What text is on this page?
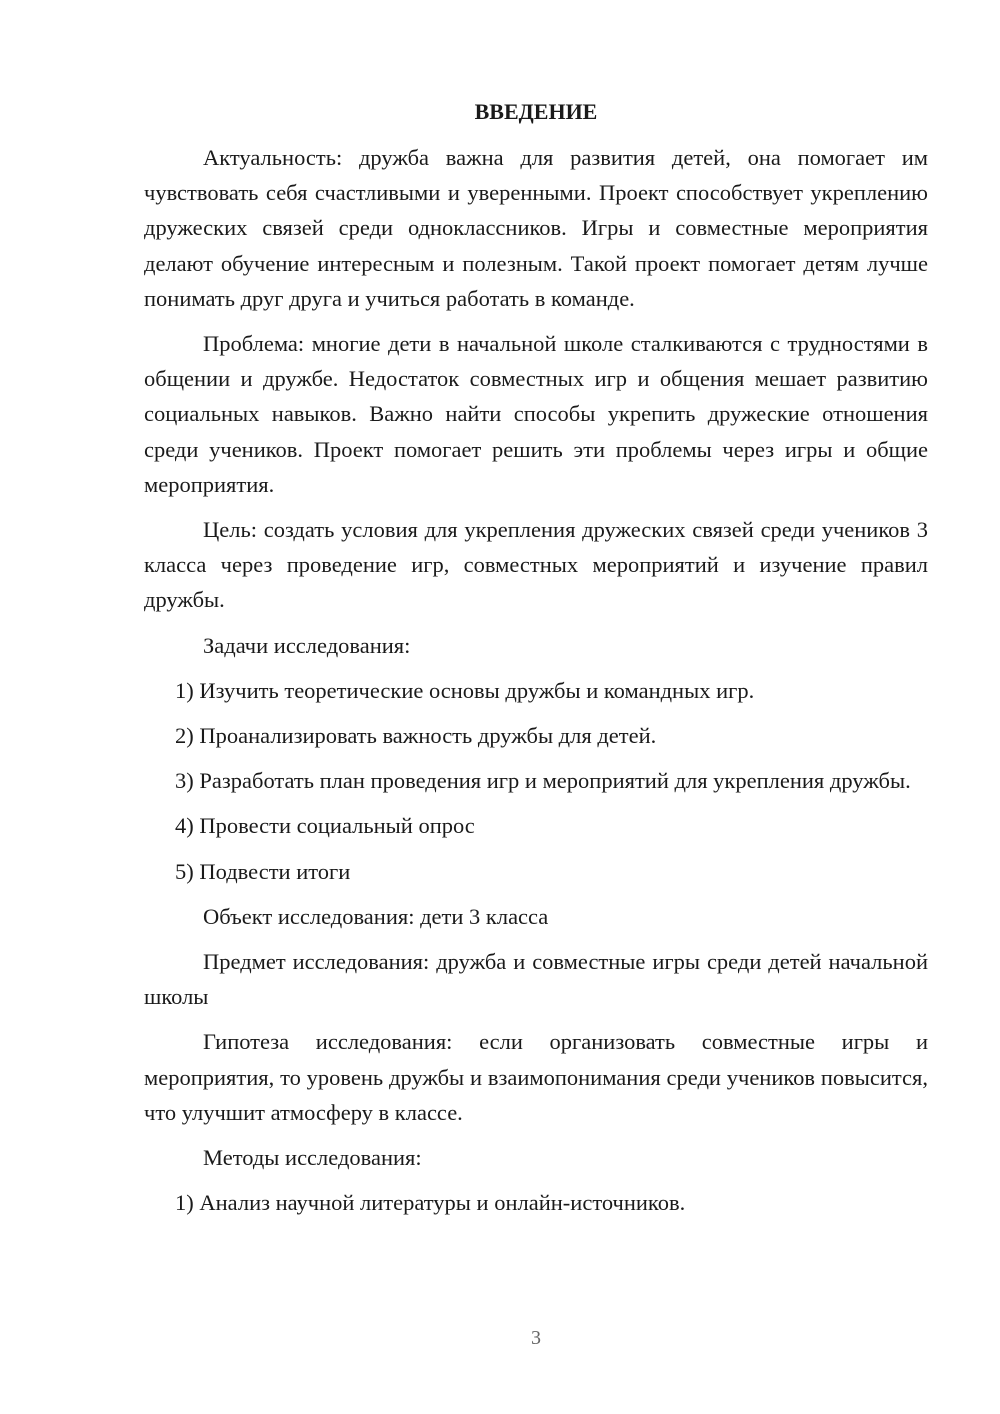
ВВЕДЕНИЕ

Актуальность: дружба важна для развития детей, она помогает им чувствовать себя счастливыми и уверенными. Проект способствует укреплению дружеских связей среди одноклассников. Игры и совместные мероприятия делают обучение интересным и полезным. Такой проект помогает детям лучше понимать друг друга и учиться работать в команде.

Проблема: многие дети в начальной школе сталкиваются с трудностями в общении и дружбе. Недостаток совместных игр и общения мешает развитию социальных навыков. Важно найти способы укрепить дружеские отношения среди учеников. Проект помогает решить эти проблемы через игры и общие мероприятия.

Цель: создать условия для укрепления дружеских связей среди учеников 3 класса через проведение игр, совместных мероприятий и изучение правил дружбы.

Задачи исследования:

1) Изучить теоретические основы дружбы и командных игр.

2) Проанализировать важность дружбы для детей.

3) Разработать план проведения игр и мероприятий для укрепления дружбы.

4) Провести социальный опрос

5) Подвести итоги

Объект исследования: дети 3 класса

Предмет исследования: дружба и совместные игры среди детей начальной школы

Гипотеза исследования: если организовать совместные игры и мероприятия, то уровень дружбы и взаимопонимания среди учеников повысится, что улучшит атмосферу в классе.

Методы исследования:

1) Анализ научной литературы и онлайн-источников.

3
